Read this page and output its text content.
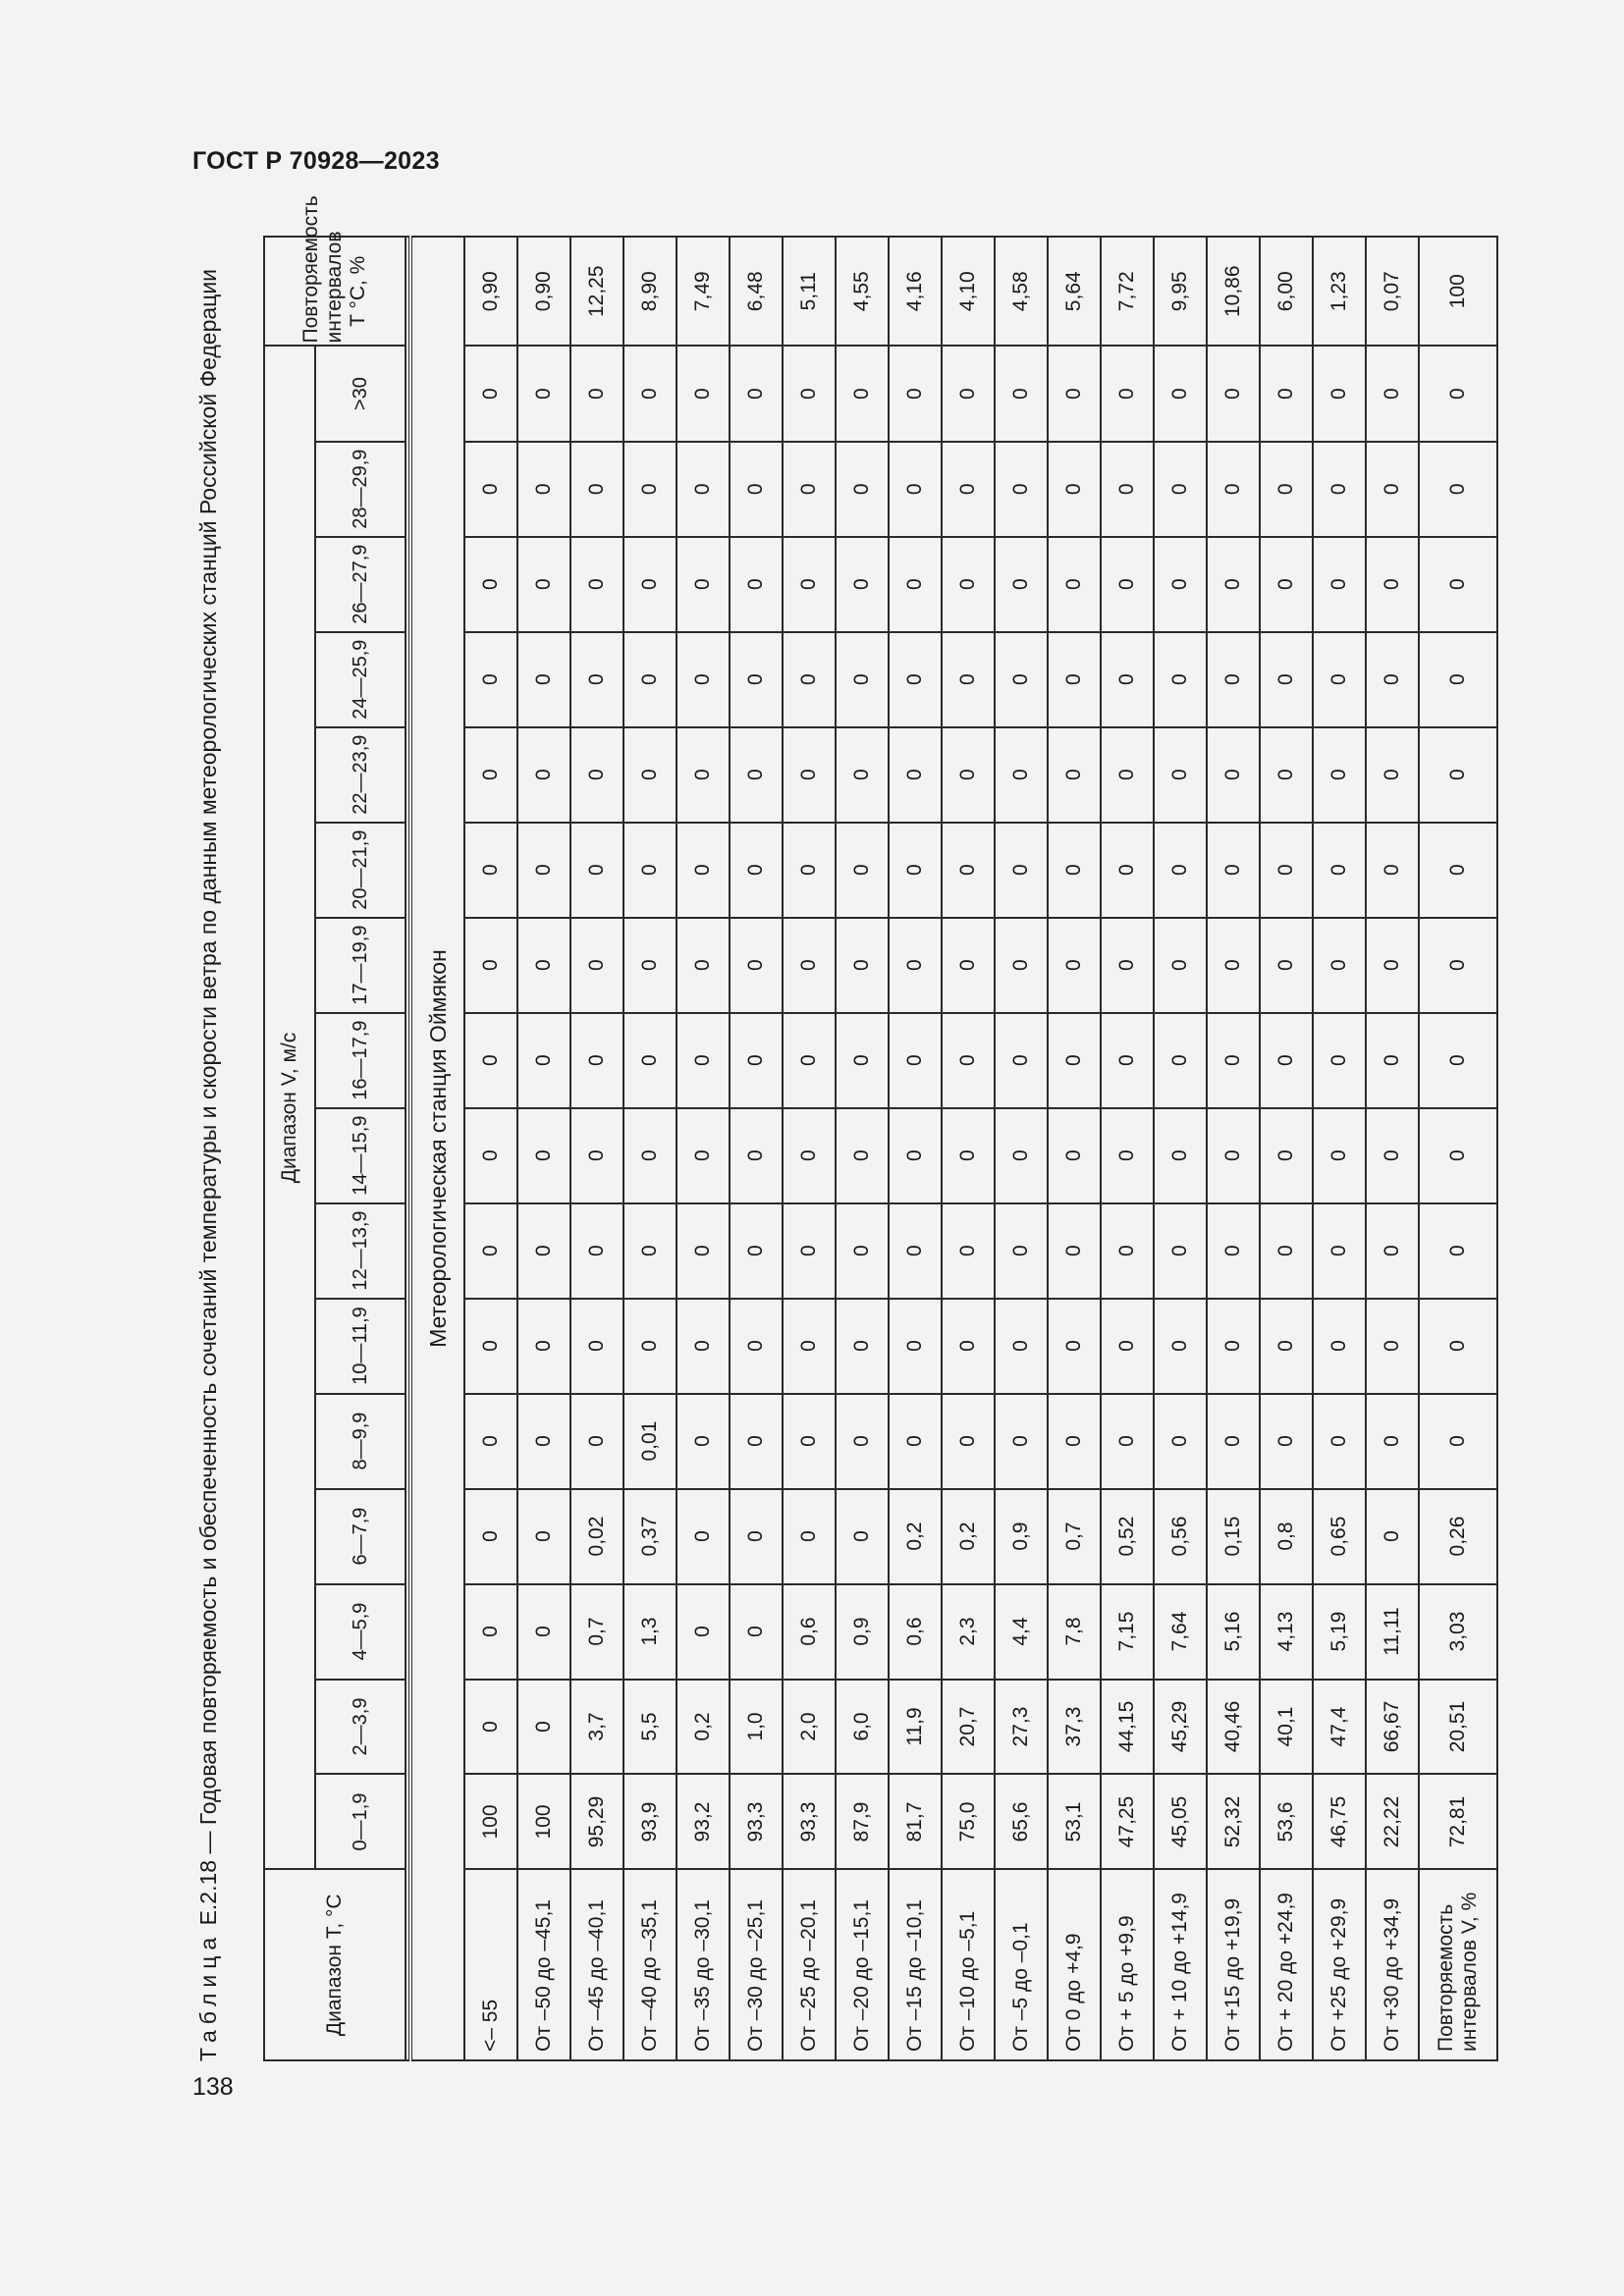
ГОСТ Р 70928—2023
138
Таблица Е.2.18 — Годовая повторяемость и обеспеченность сочетаний температуры и скорости ветра по данным метеорологических станций Российской Федерации
Диапазон T, °С	Диапазон V, м/с																Повторяемость интервалов T °С, %
	0—1,9	2—3,9	4—5,9	6—7,9	8—9,9	10—11,9	12—13,9	14—15,9	16—17,9	17—19,9	20—21,9	22—23,9	24—25,9	26—27,9	28—29,9	>30	

Метеорологическая станция Оймякон																	
<– 55	100	0	0	0	0	0	0	0	0	0	0	0	0	0	0	0	0,90
От –50 до –45,1	100	0	0	0	0	0	0	0	0	0	0	0	0	0	0	0	0,90
От –45 до –40,1	95,29	3,7	0,7	0,02	0	0	0	0	0	0	0	0	0	0	0	0	12,25
От –40 до –35,1	93,9	5,5	1,3	0,37	0,01	0	0	0	0	0	0	0	0	0	0	0	8,90
От –35 до –30,1	93,2	0,2	0	0	0	0	0	0	0	0	0	0	0	0	0	0	7,49
От –30 до –25,1	93,3	1,0	0	0	0	0	0	0	0	0	0	0	0	0	0	0	6,48
От –25 до –20,1	93,3	2,0	0,6	0	0	0	0	0	0	0	0	0	0	0	0	0	5,11
От –20 до –15,1	87,9	6,0	0,9	0	0	0	0	0	0	0	0	0	0	0	0	0	4,55
От –15 до –10,1	81,7	11,9	0,6	0,2	0	0	0	0	0	0	0	0	0	0	0	0	4,16
От –10 до –5,1	75,0	20,7	2,3	0,2	0	0	0	0	0	0	0	0	0	0	0	0	4,10
От –5 до –0,1	65,6	27,3	4,4	0,9	0	0	0	0	0	0	0	0	0	0	0	0	4,58
От 0 до +4,9	53,1	37,3	7,8	0,7	0	0	0	0	0	0	0	0	0	0	0	0	5,64
От + 5 до +9,9	47,25	44,15	7,15	0,52	0	0	0	0	0	0	0	0	0	0	0	0	7,72
От + 10 до +14,9	45,05	45,29	7,64	0,56	0	0	0	0	0	0	0	0	0	0	0	0	9,95
От +15 до +19,9	52,32	40,46	5,16	0,15	0	0	0	0	0	0	0	0	0	0	0	0	10,86
От + 20 до +24,9	53,6	40,1	4,13	0,8	0	0	0	0	0	0	0	0	0	0	0	0	6,00
От +25 до +29,9	46,75	47,4	5,19	0,65	0	0	0	0	0	0	0	0	0	0	0	0	1,23
От +30 до +34,9	22,22	66,67	11,11	0	0	0	0	0	0	0	0	0	0	0	0	0	0,07
Повторяемость интервалов V, %	72,81	20,51	3,03	0,26	0	0	0	0	0	0	0	0	0	0	0	0	100
